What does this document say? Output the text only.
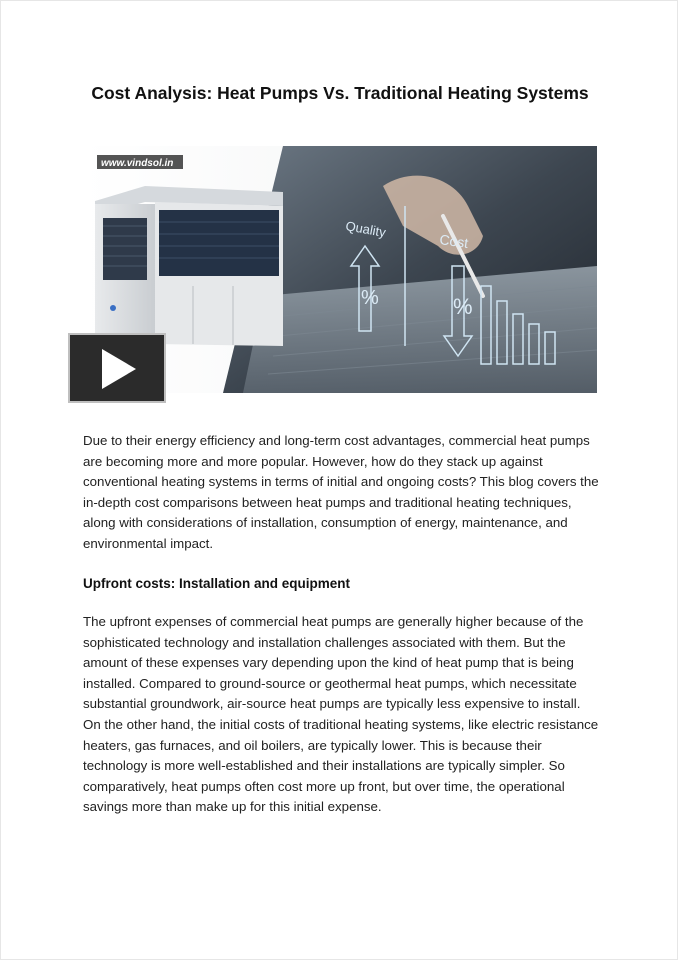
Cost Analysis: Heat Pumps Vs. Traditional Heating Systems
Quality
Cost
%	%
www.vindsol.in

Due to their energy efficiency and long-term cost advantages, commercial heat pumps are becoming more and more popular. However, how do they stack up against conventional heating systems in terms of initial and ongoing costs? This blog covers the in-depth cost comparisons between heat pumps and traditional heating techniques, along with considerations of installation, consumption of energy, maintenance, and environmental impact.

Upfront costs: Installation and equipment

The upfront expenses of commercial heat pumps are generally higher because of the sophisticated technology and installation challenges associated with them. But the amount of these expenses vary depending upon the kind of heat pump that is being installed. Compared to ground-source or geothermal heat pumps, which necessitate substantial groundwork, air-source heat pumps are typically less expensive to install. On the other hand, the initial costs of traditional heating systems, like electric resistance heaters, gas furnaces, and oil boilers, are typically lower. This is because their technology is more well-established and their installations are typically simpler. So comparatively, heat pumps often cost more up front, but over time, the operational savings more than make up for this initial expense.
